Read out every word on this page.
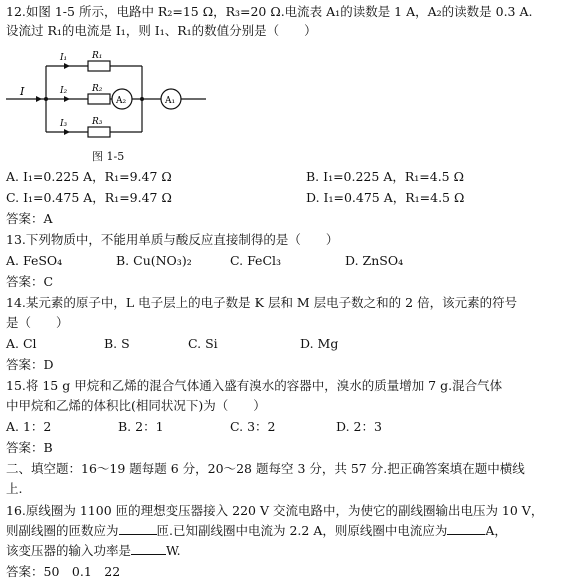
12.如图 1-5 所示，电路中 R₂=15 Ω，R₃=20 Ω.电流表 A₁的读数是 1 A，A₂的读数是 0.3 A.
设流过 R₁的电流是 I₁，则 I₁、R₁的数值分别是（　　）
I
I₁
I₂
I₃
R₁
R₂
R₃
A₂	A₁
图 1-5
A. I₁=0.225 A，R₁=9.47 Ω	B. I₁=0.225 A，R₁=4.5 Ω
C. I₁=0.475 A，R₁=9.47 Ω	D. I₁=0.475 A，R₁=4.5 Ω
答案：A
13.下列物质中，不能用单质与酸反应直接制得的是（　　）
A. FeSO₄	B. Cu(NO₃)₂	C. FeCl₃	D. ZnSO₄
答案：C
14.某元素的原子中，L 电子层上的电子数是 K 层和 M 层电子数之和的 2 倍，该元素的符号
是（　　）
A. Cl	B. S	C. Si	D. Mg
答案：D
15.将 15 g 甲烷和乙烯的混合气体通入盛有溴水的容器中，溴水的质量增加 7 g.混合气体
中甲烷和乙烯的体积比(相同状况下)为（　　）
A. 1：2	B. 2：1	C. 3：2	D. 2：3
答案：B
二、填空题：16～19 题每题 6 分，20～28 题每空 3 分，共 57 分.把正确答案填在题中横线
上.
16.原线圈为 1100 匝的理想变压器接入 220 V 交流电路中，为使它的副线圈输出电压为 10 V，
则副线圈的匝数应为	匝.已知副线圈中电流为 2.2 A，则原线圈中电流应为	A，
该变压器的输入功率是	W.
答案：50　0.1　22
